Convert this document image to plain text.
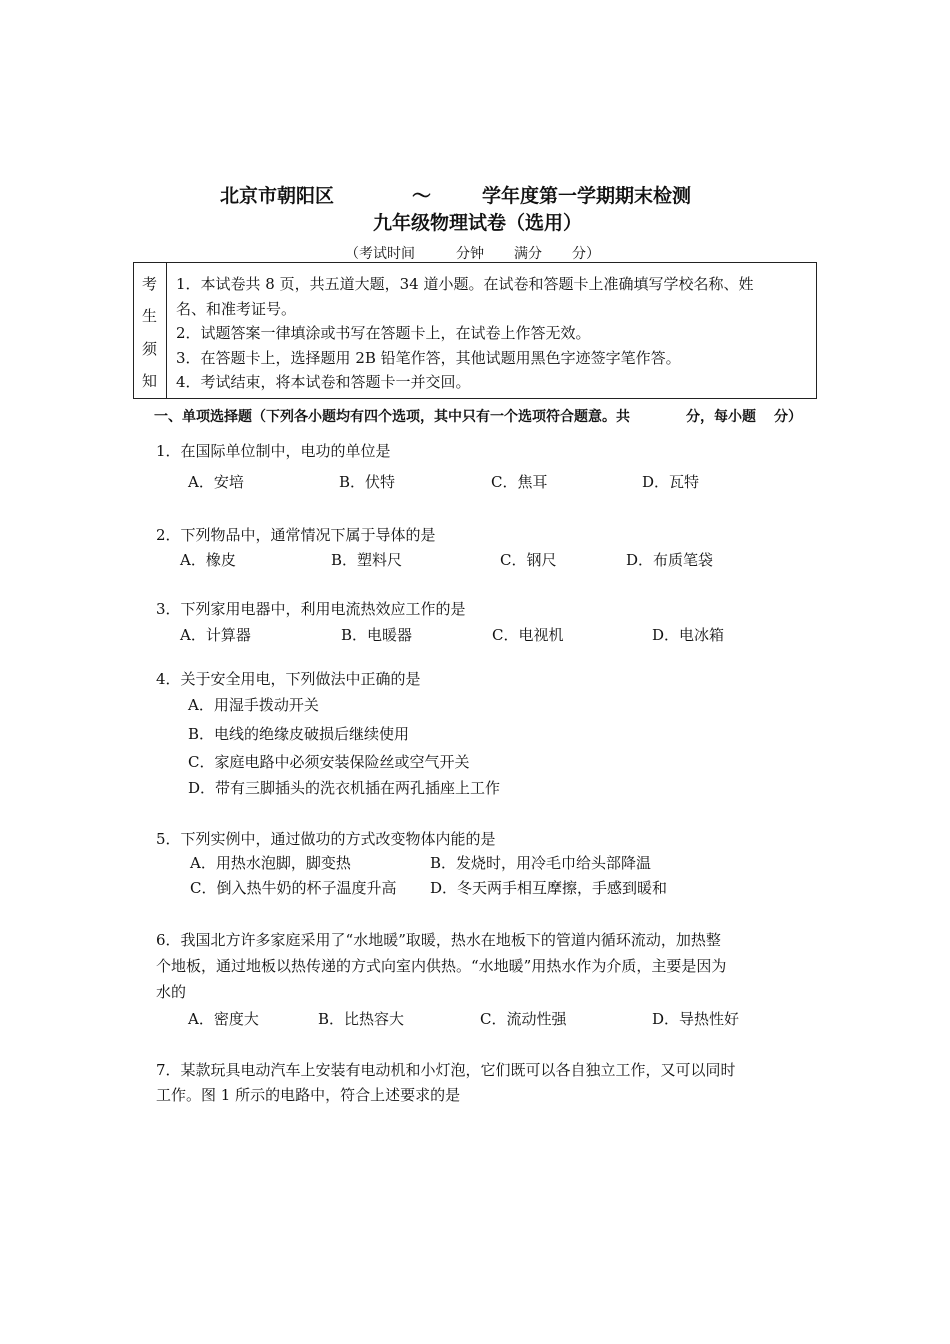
北京市朝阳区	～	学年度第一学期期末检测
九年级物理试卷（选用）
（考试时间	分钟 满分 分）
考
生
须
知
1．本试卷共 8 页，共五道大题，34 道小题。在试卷和答题卡上准确填写学校名称、姓
名、和准考证号。
2．试题答案一律填涂或书写在答题卡上，在试卷上作答无效。
3．在答题卡上，选择题用 2B 铅笔作答，其他试题用黑色字迹签字笔作答。
4．考试结束，将本试卷和答题卡一并交回。
一、单项选择题（下列各小题均有四个选项，其中只有一个选项符合题意。共	分，每小题 分）
1．在国际单位制中，电功的单位是
A．安培	B．伏特	C．焦耳	D．瓦特
2．下列物品中，通常情况下属于导体的是
A．橡皮	B．塑料尺	C．钢尺	D．布质笔袋
3．下列家用电器中，利用电流热效应工作的是
A．计算器	B．电暖器	C．电视机	D．电冰箱
4．关于安全用电，下列做法中正确的是
A．用湿手拨动开关
B．电线的绝缘皮破损后继续使用
C．家庭电路中必须安装保险丝或空气开关
D．带有三脚插头的洗衣机插在两孔插座上工作
5．下列实例中，通过做功的方式改变物体内能的是
A．用热水泡脚，脚变热	B．发烧时，用冷毛巾给头部降温
C．倒入热牛奶的杯子温度升高 D．冬天两手相互摩擦，手感到暖和
6．我国北方许多家庭采用了“水地暖”取暖，热水在地板下的管道内循环流动，加热整
个地板，通过地板以热传递的方式向室内供热。“水地暖”用热水作为介质，主要是因为
水的
A．密度大	B．比热容大	C．流动性强	D．导热性好
7．某款玩具电动汽车上安装有电动机和小灯泡，它们既可以各自独立工作，又可以同时
工作。图 1 所示的电路中，符合上述要求的是
